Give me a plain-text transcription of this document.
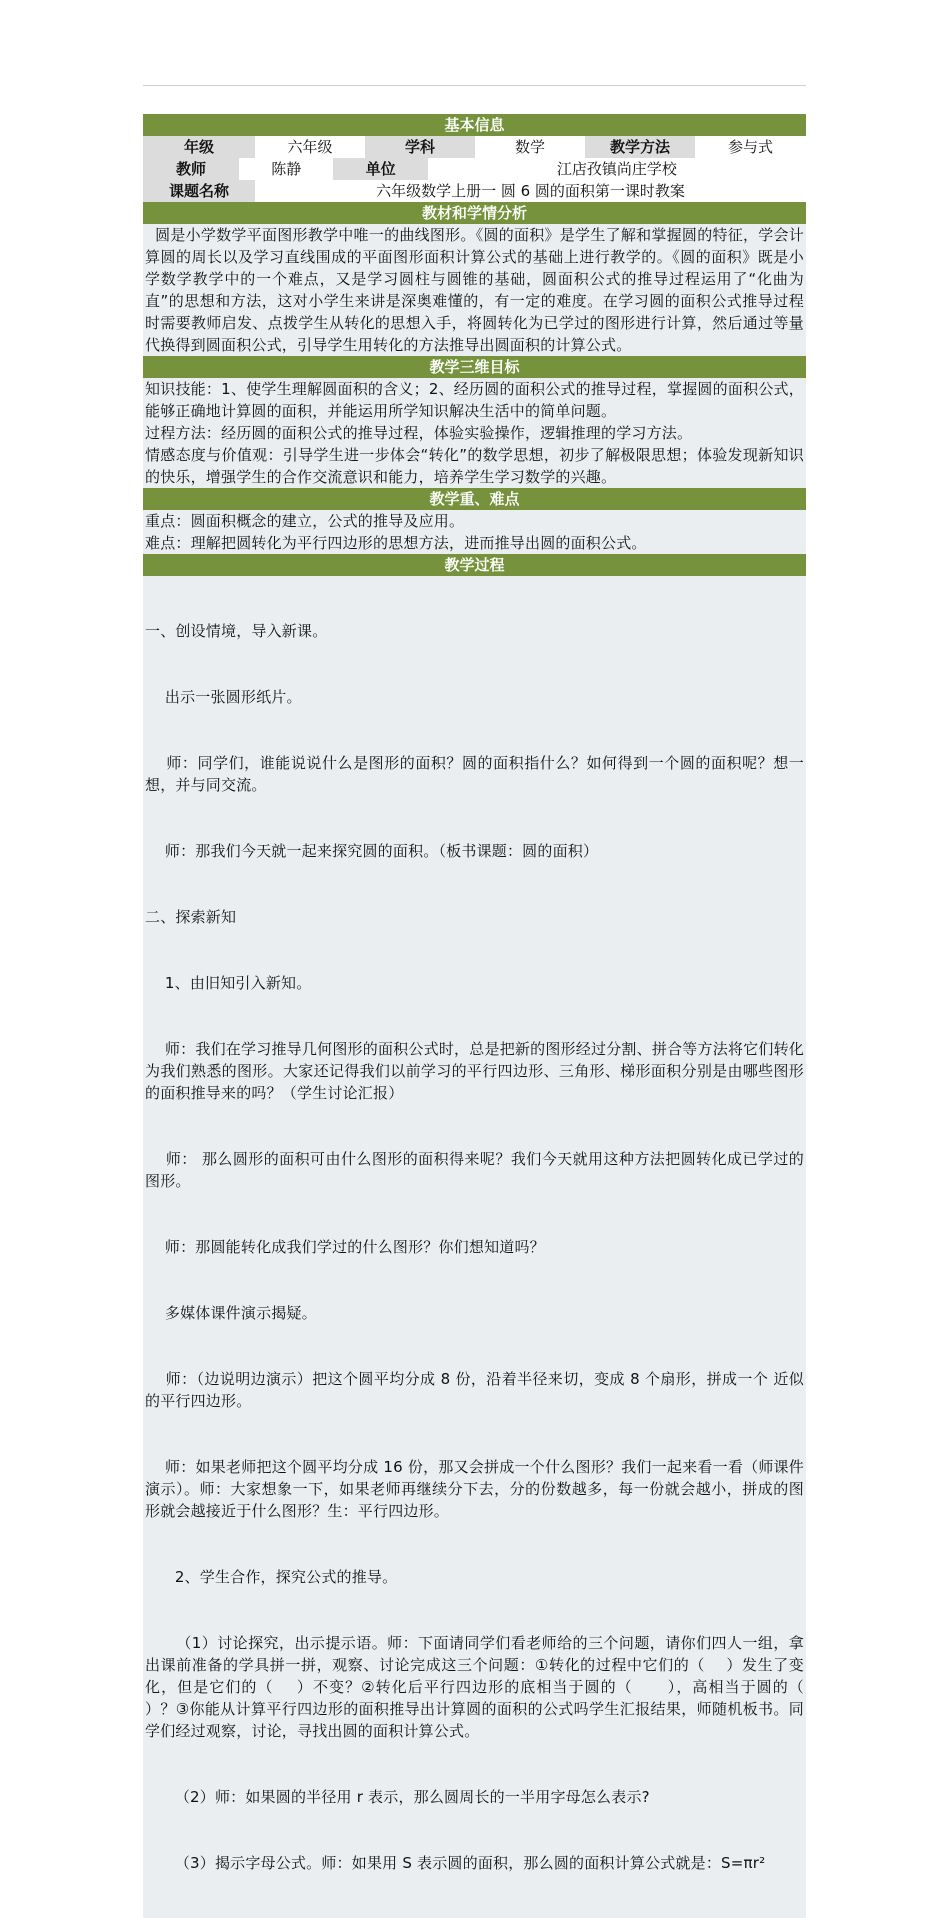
基本信息
年级	六年级	学科	数学	教学方法	参与式
教师	陈静	单位	江店孜镇尚庄学校
课题名称	六年级数学上册一 圆 6 圆的面积第一课时教案
教材和学情分析

圆是小学数学平面图形教学中唯一的曲线图形。《圆的面积》是学生了解和掌握圆的特征，学会计算圆的周长以及学习直线围成的平面图形面积计算公式的基础上进行教学的。《圆的面积》既是小学数学教学中的一个难点，又是学习圆柱与圆锥的基础，圆面积公式的推导过程运用了“化曲为直”的思想和方法，这对小学生来讲是深奥难懂的，有一定的难度。在学习圆的面积公式推导过程时需要教师启发、点拨学生从转化的思想入手，将圆转化为已学过的图形进行计算，然后通过等量代换得到圆面积公式，引导学生用转化的方法推导出圆面积的计算公式。

教学三维目标

知识技能：1、使学生理解圆面积的含义；2、经历圆的面积公式的推导过程，掌握圆的面积公式，能够正确地计算圆的面积，并能运用所学知识解决生活中的简单问题。

过程方法：经历圆的面积公式的推导过程，体验实验操作，逻辑推理的学习方法。

情感态度与价值观：引导学生进一步体会“转化”的数学思想，初步了解极限思想；体验发现新知识的快乐，增强学生的合作交流意识和能力，培养学生学习数学的兴趣。

教学重、难点

重点：圆面积概念的建立，公式的推导及应用。

难点：理解把圆转化为平行四边形的思想方法，进而推导出圆的面积公式。

教学过程

一、创设情境，导入新课。

出示一张圆形纸片。

师：同学们，谁能说说什么是图形的面积？圆的面积指什么？如何得到一个圆的面积呢？想一想，并与同交流。

师：那我们今天就一起来探究圆的面积。（板书课题：圆的面积）

二、探索新知

1、由旧知引入新知。

师：我们在学习推导几何图形的面积公式时，总是把新的图形经过分割、拼合等方法将它们转化为我们熟悉的图形。大家还记得我们以前学习的平行四边形、三角形、梯形面积分别是由哪些图形的面积推导来的吗？（学生讨论汇报）

师： 那么圆形的面积可由什么图形的面积得来呢？我们今天就用这种方法把圆转化成已学过的图形。

师：那圆能转化成我们学过的什么图形？你们想知道吗？

多媒体课件演示揭疑。

师：（边说明边演示）把这个圆平均分成 8 份，沿着半径来切，变成 8 个扇形，拼成一个 近似的平行四边形。

师：如果老师把这个圆平均分成 16 份，那又会拼成一个什么图形？我们一起来看一看（师课件演示）。师：大家想象一下，如果老师再继续分下去，分的份数越多，每一份就会越小，拼成的图形就会越接近于什么图形？生：平行四边形。

2、学生合作，探究公式的推导。

（1）讨论探究，出示提示语。师：下面请同学们看老师给的三个问题，请你们四人一组，拿出课前准备的学具拼一拼，观察、讨论完成这三个问题：①转化的过程中它们的（    ）发生了变化，但是它们的（    ）不变？②转化后平行四边形的底相当于圆的（      ），高相当于圆的（      ）？③你能从计算平行四边形的面积推导出计算圆的面积的公式吗学生汇报结果，师随机板书。同学们经过观察，讨论，寻找出圆的面积计算公式。

（2）师：如果圆的半径用 r 表示，那么圆周长的一半用字母怎么表示?

（3）揭示字母公式。师：如果用 S 表示圆的面积，那么圆的面积计算公式就是：S=πr²
